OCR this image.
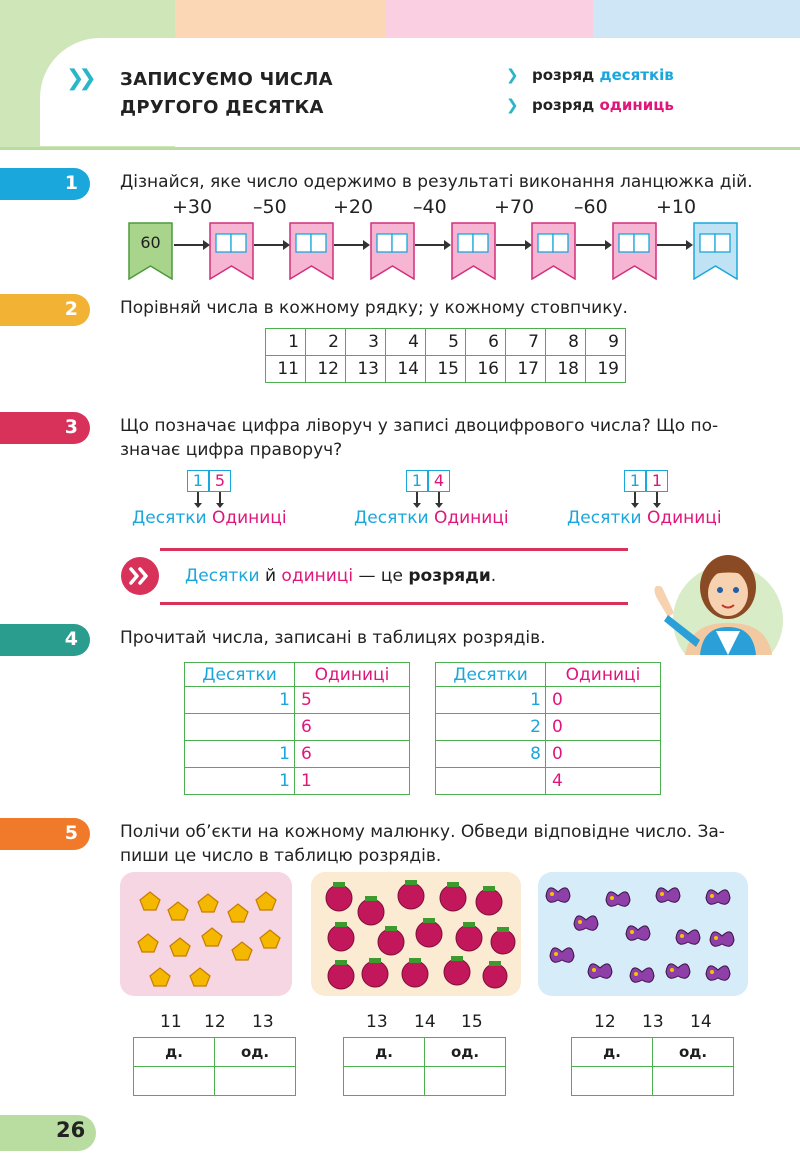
❯❯ ЗАПИСУЄМО ЧИСЛА
ДРУГОГО ДЕСЯТКА
❯ розряд десятків
❯ розряд одиниць
1 Дізнайся, яке число одержимо в результаті виконання ланцюжка дій.
+30 –50 +20 –40 +70 –60	+10
60
2 Порівняй числа в кожному рядку; у кожному стовпчику.
1	2	3	4	5	6	7	8	9
11	12	13	14	15	16	17	18	19
3 Що позначає цифра ліворуч у записі двоцифрового числа? Що по-
значає цифра праворуч?
1 5
Десятки Одиниці
1 4
Десятки Одиниці
1 1
Десятки Одиниці
Десятки й одиниці — це розряди.
4 Прочитай числа, записані в таблицях розрядів.
Десятки	Одиниці
1	5
	6
1	6
1	1
Десятки	Одиниці
1	0
2	0
8	0
	4
5 Полічи об’єкти на кожному малюнку. Обведи відповідне число. За-
пиши це число в таблицю розрядів.
11 12 13	13 14 15	12 13 14
д.	од.
		д.	од.
		д.	од.

26
